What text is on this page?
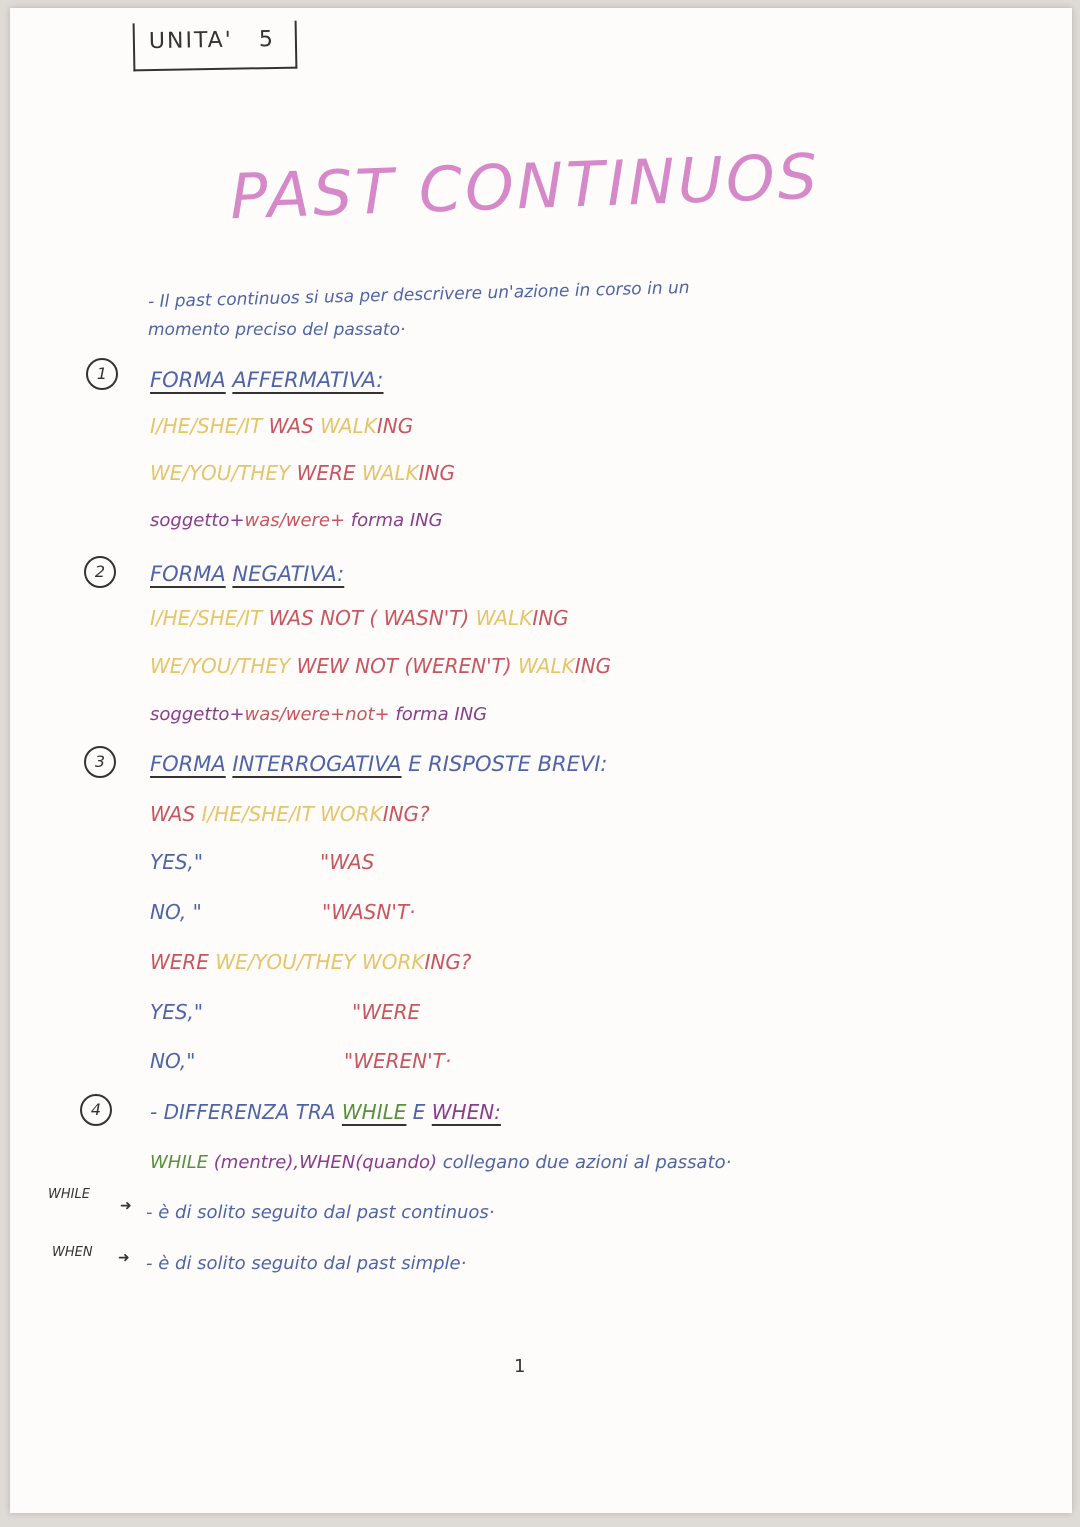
UNITA' 5
PAST CONTINUOS
- Il past continuos si usa per descrivere un'azione in corso in un
momento preciso del passato·
1	FORMA AFFERMATIVA:
I/HE/SHE/IT WAS WALKING
WE/YOU/THEY WERE WALKING
soggetto+was/were+ forma ING
2	FORMA NEGATIVA:
I/HE/SHE/IT WAS NOT ( WASN'T) WALKING
WE/YOU/THEY WEW NOT (WEREN'T) WALKING
soggetto+was/were+not+ forma ING
3	FORMA INTERROGATIVA E RISPOSTE BREVI:
WAS I/HE/SHE/IT WORKING?
YES,"	"WAS
NO, "	"WASN'T·
WERE WE/YOU/THEY WORKING?
YES,"	"WERE
NO,"	"WEREN'T·
4	- DIFFERENZA TRA WHILE E WHEN:
WHILE (mentre),WHEN(quando) collegano due azioni al passato·
WHILE
➜ - è di solito seguito dal past continuos·
WHEN ➜ - è di solito seguito dal past simple·
1
